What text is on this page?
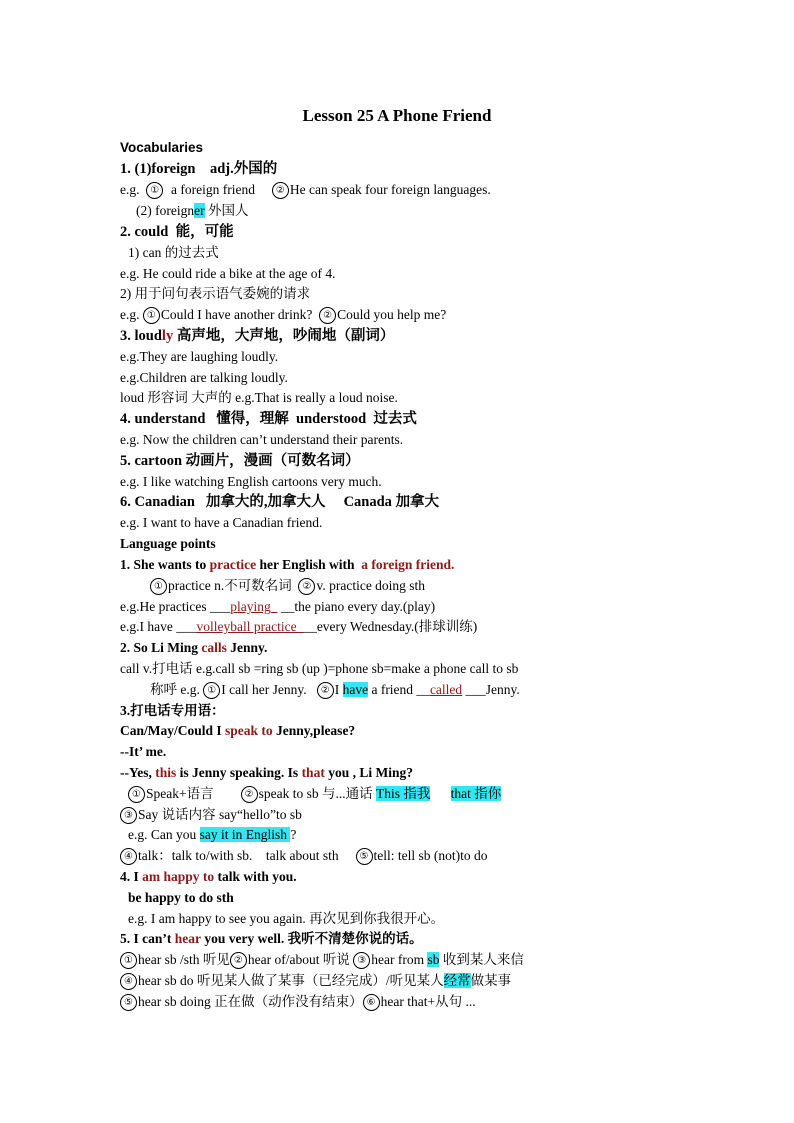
Lesson 25 A Phone Friend
Vocabularies
1. (1)foreign adj.外国的
e.g. ① a foreign friend ② He can speak four foreign languages.
(2) foreigner 外国人
2. could 能，可能
1) can 的过去式
e.g. He could ride a bike at the age of 4.
2) 用于问句表示语气委婉的请求
e.g. ① Could I have another drink? ② Could you help me?
3. loudly 高声地，大声地，吵闹地（副词）
e.g.They are laughing loudly.
e.g.Children are talking loudly.
loud 形容词 大声的 e.g.That is really a loud noise.
4. understand 懂得，理解 understood 过去式
e.g. Now the children can’t understand their parents.
5. cartoon 动画片，漫画（可数名词）
e.g. I like watching English cartoons very much.
6. Canadian 加拿大的,加拿大人 Canada 加拿大
e.g. I want to have a Canadian friend.
Language points
1. She wants to practice her English with a foreign friend.
① practice n.不可数名词 ② v. practice doing sth
e.g.He practices ___playing_ __the piano every day.(play)
e.g.I have ___volleyball practice___every Wednesday.(排球训练)
2. So Li Ming calls Jenny.
call v.打电话 e.g.call sb =ring sb (up )=phone sb=make a phone call to sb
称呼 e.g. ① I call her Jenny. ② I have a friend __called ___Jenny.
3.打电话专用语：
Can/May/Could I speak to Jenny,please?
--It’ me.
--Yes, this is Jenny speaking. Is that you , Li Ming?
① Speak+语言	② speak to sb 与...通话 This 指我 that 指你
③ Say 说话内容 say“hello”to sb
e.g. Can you say it in English ?
④ talk：talk to/with sb. talk about sth ⑤ tell: tell sb (not)to do
4. I am happy to talk with you.
be happy to do sth
e.g. I am happy to see you again. 再次见到你我很开心。
5. I can’t hear you very well. 我听不清楚你说的话。
① hear sb /sth 听见 ② hear of/about 听说 ③ hear from sb 收到某人来信
④ hear sb do 听见某人做了某事（已经完成）/听见某人经常做某事
⑤ hear sb doing 正在做（动作没有结束） ⑥ hear that+从句 ...
